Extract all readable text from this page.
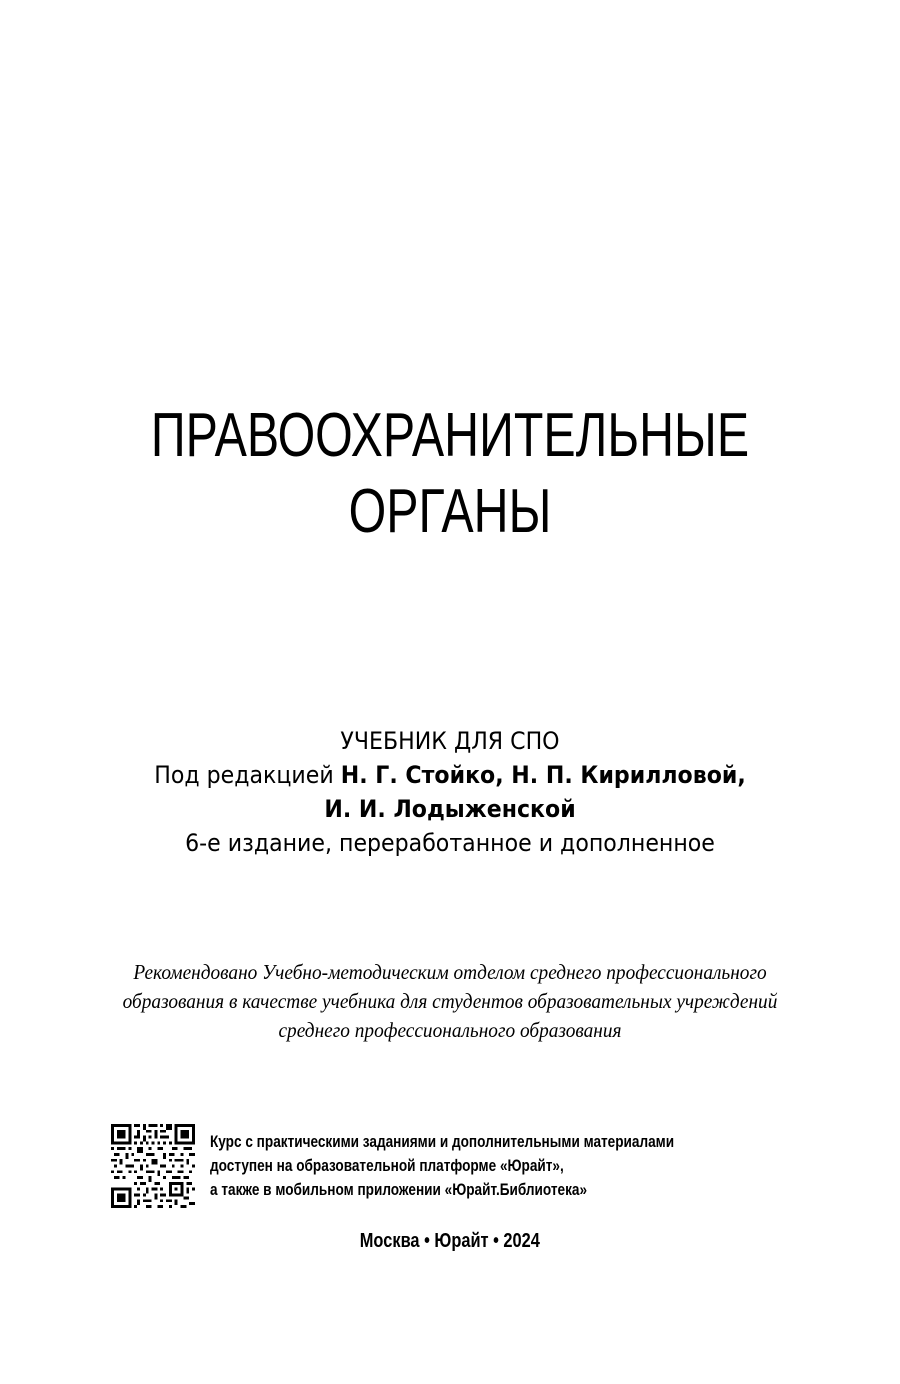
ПРАВООХРАНИТЕЛЬНЫЕ
ОРГАНЫ
УЧЕБНИК ДЛЯ СПО
Под редакцией Н. Г. Стойко, Н. П. Кирилловой,
И. И. Лодыженской
6-е издание, переработанное и дополненное
Рекомендовано Учебно-методическим отделом среднего профессионального
образования в качестве учебника для студентов образовательных учреждений
среднего профессионального образования
Курс с практическими заданиями и дополнительными материалами
доступен на образовательной платформе «Юрайт»,
а также в мобильном приложении «Юрайт.Библиотека»
Москва • Юрайт • 2024
